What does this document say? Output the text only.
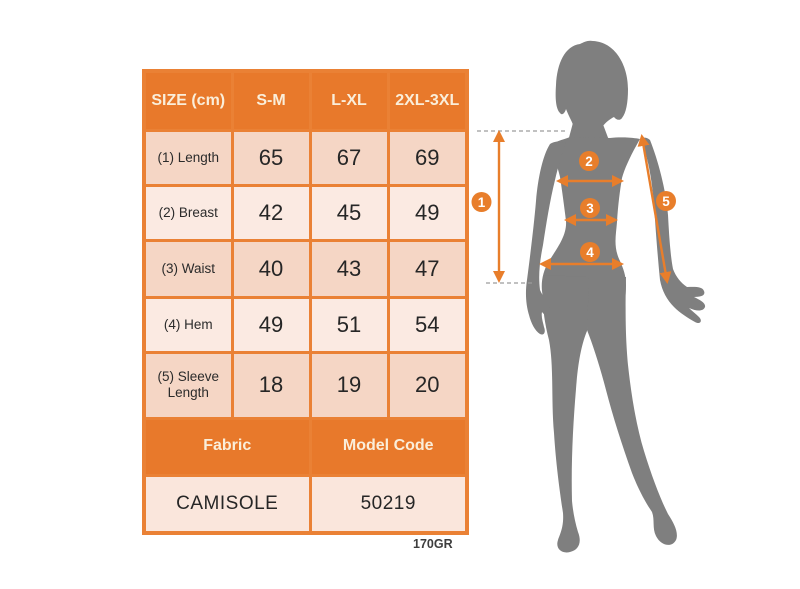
SIZE (cm)	S-M	L-XL	2XL-3XL
(1) Length	65	67	69
(2) Breast	42	45	49
(3) Waist	40	43	47
(4) Hem	49	51	54
(5) Sleeve Length	18	19	20
Fabric		Model Code	
CAMISOLE		50219	
170GR
1
2
3
4
5
